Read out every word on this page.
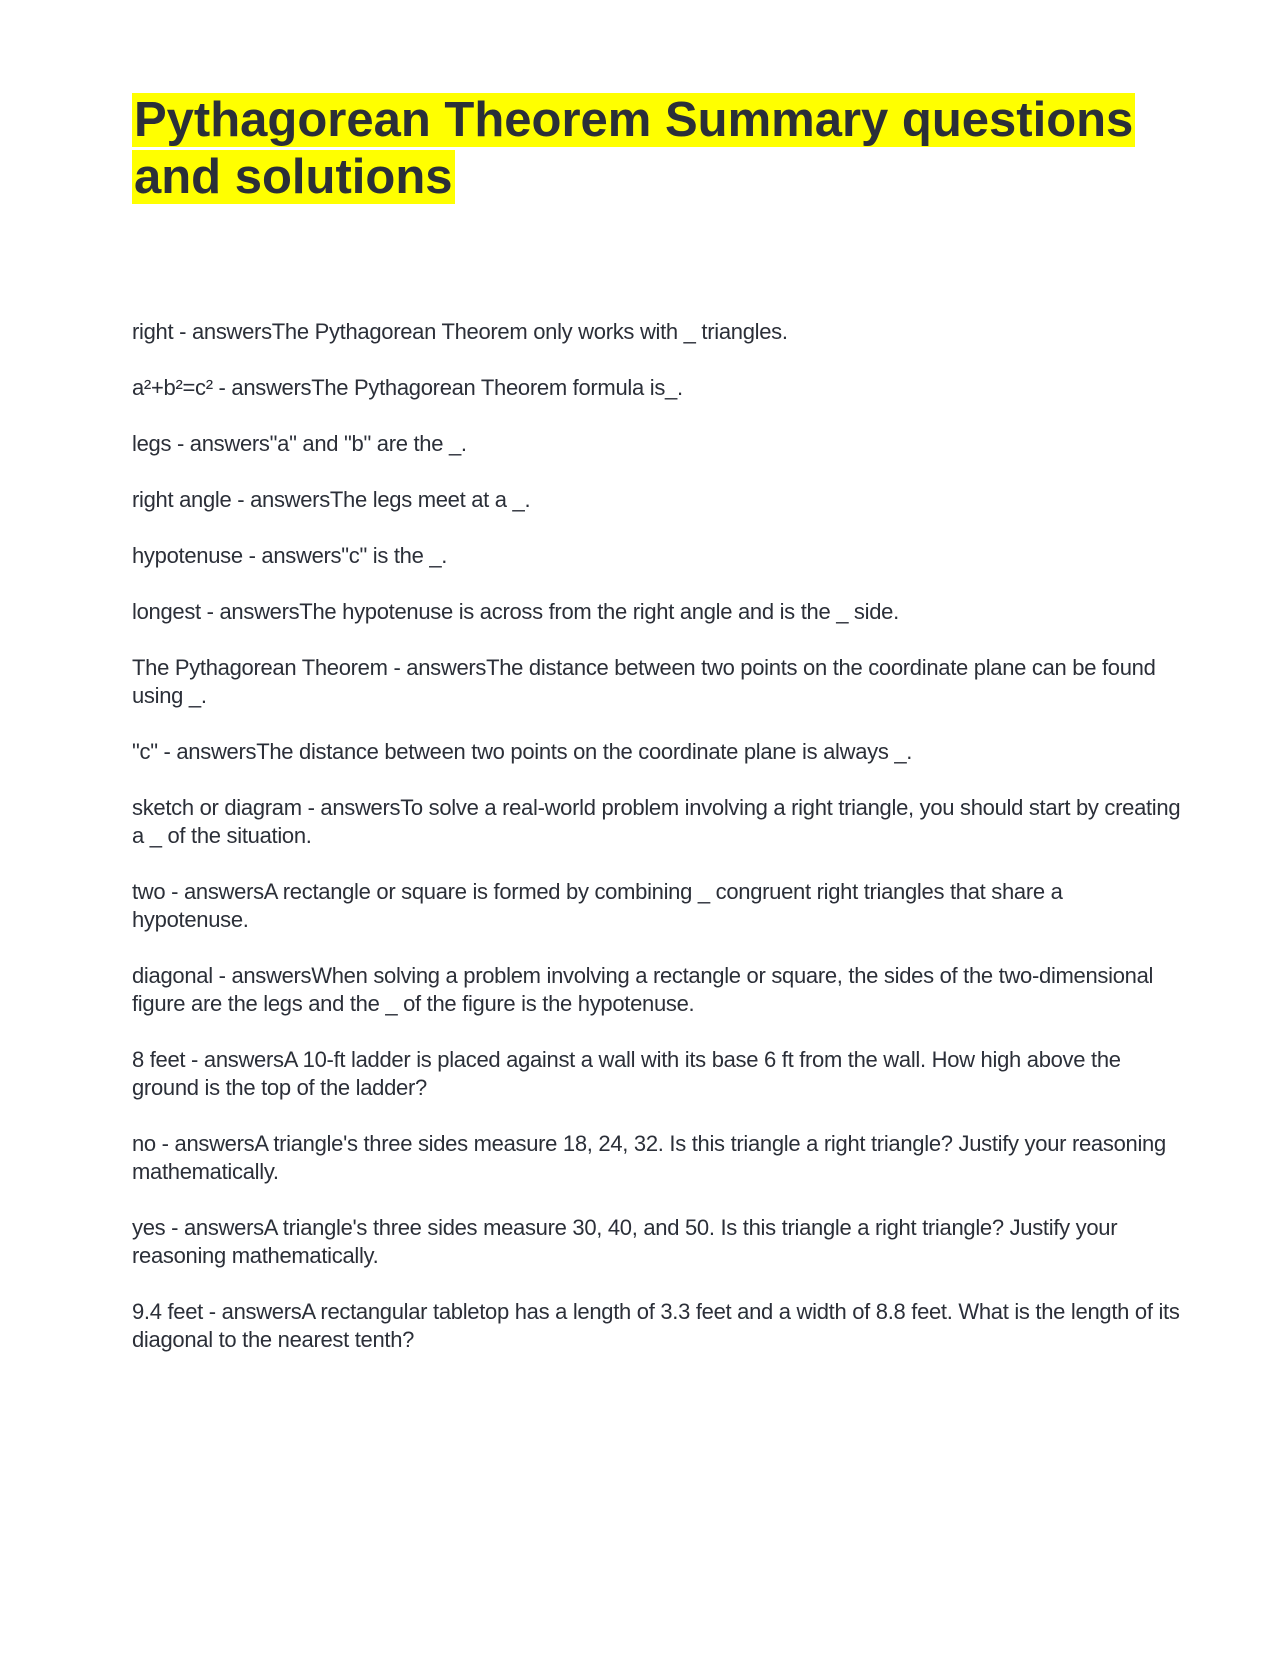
Pythagorean Theorem Summary questions and solutions
right - answersThe Pythagorean Theorem only works with _ triangles.
a²+b²=c² - answersThe Pythagorean Theorem formula is_.
legs - answers"a" and "b" are the _.
right angle - answersThe legs meet at a _.
hypotenuse - answers"c" is the _.
longest - answersThe hypotenuse is across from the right angle and is the _ side.
The Pythagorean Theorem - answersThe distance between two points on the coordinate plane can be found using _.
"c" - answersThe distance between two points on the coordinate plane is always _.
sketch or diagram - answersTo solve a real-world problem involving a right triangle, you should start by creating a _ of the situation.
two - answersA rectangle or square is formed by combining _ congruent right triangles that share a hypotenuse.
diagonal - answersWhen solving a problem involving a rectangle or square, the sides of the two-dimensional figure are the legs and the _ of the figure is the hypotenuse.
8 feet - answersA 10-ft ladder is placed against a wall with its base 6 ft from the wall. How high above the ground is the top of the ladder?
no - answersA triangle's three sides measure 18, 24, 32. Is this triangle a right triangle? Justify your reasoning mathematically.
yes - answersA triangle's three sides measure 30, 40, and 50. Is this triangle a right triangle? Justify your reasoning mathematically.
9.4 feet - answersA rectangular tabletop has a length of 3.3 feet and a width of 8.8 feet. What is the length of its diagonal to the nearest tenth?
